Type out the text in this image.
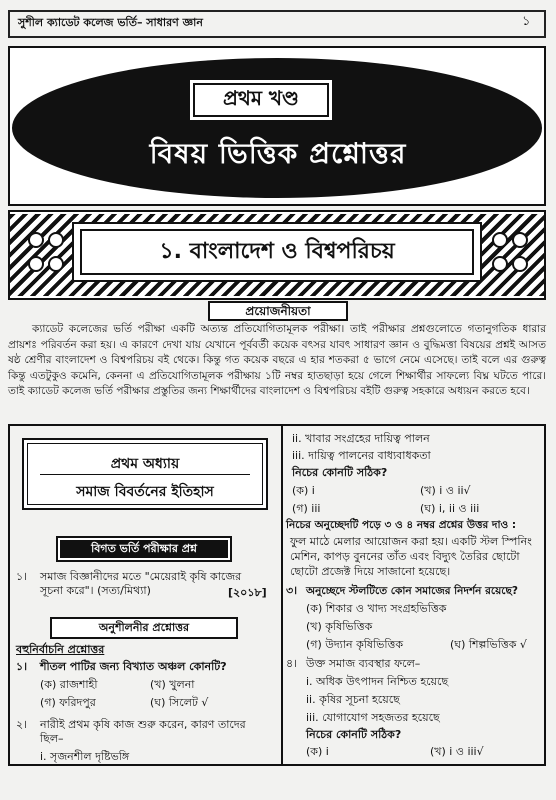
সুশীল ক্যাডেট কলেজ ভর্তি– সাধারণ জ্ঞান	১
প্রথম খণ্ড
বিষয় ভিত্তিক প্রশ্নোত্তর
১. বাংলাদেশ ও বিশ্বপরিচয়
প্রয়োজনীয়তা
ক্যাডেট কলেজের ভর্তি পরীক্ষা একটি অত্যন্ত প্রতিযোগিতামূলক পরীক্ষা। তাই পরীক্ষার প্রশ্নগুলোতে গতানুগতিক ধারার প্রায়শঃ পরিবর্তন করা হয়। এ কারণে দেখা যায় যেখানে পূর্ববর্তী কয়েক বৎসর যাবৎ সাধারণ জ্ঞান ও বুদ্ধিমত্তা বিষয়ের প্রশ্নই আসত ষষ্ঠ শ্রেণীর বাংলাদেশ ও বিশ্বপরিচয় বই থেকে। কিন্তু গত কয়েক বছরে এ হার শতকরা ৫ ভাগে নেমে এসেছে। তাই বলে এর গুরুত্ব কিন্তু এতটুকুও কমেনি, কেননা এ প্রতিযোগিতামূলক পরীক্ষায় ১টি নম্বর হাতছাড়া হয়ে গেলে শিক্ষার্থীর সাফল্যে বিঘ্ন ঘটতে পারে। তাই ক্যাডেট কলেজ ভর্তি পরীক্ষার প্রস্তুতির জন্য শিক্ষার্থীদের বাংলাদেশ ও বিশ্বপরিচয় বইটি গুরুত্ব সহকারে অধ্যয়ন করতে হবে।
প্রথম অধ্যায়
সমাজ বিবর্তনের ইতিহাস
বিগত ভর্তি পরীক্ষার প্রশ্ন
১। সমাজ বিজ্ঞানীদের মতে "মেয়েরাই কৃষি কাজের সূচনা করে"। (সত্য/মিথ্যা)	[২০১৮]
অনুশীলনীর প্রশ্নোত্তর
বহুনির্বাচনি প্রশ্নোত্তর
১। শীতল পাটির জন্য বিখ্যাত অঞ্চল কোনটি?
(ক) রাজশাহী	(খ) খুলনা
(গ) ফরিদপুর	(ঘ) সিলেট √
২। নারীই প্রথম কৃষি কাজ শুরু করেন, কারণ তাদের ছিল–
i. সৃজনশীল দৃষ্টিভঙ্গি
ii. খাবার সংগ্রহের দায়িত্ব পালন
iii. দায়িত্ব পালনের বাধ্যবাধকতা
নিচের কোনটি সঠিক?
(ক) i	(খ) i ও ii√
(গ) iii	(ঘ) i, ii ও iii
নিচের অনুচ্ছেদটি পড়ে ৩ ও ৪ নম্বর প্রশ্নের উত্তর দাও :
ফুল মাঠে মেলার আয়োজন করা হয়। একটি স্টল স্পিনিং মেশিন, কাপড় বুননের তাঁত এবং বিদ্যুৎ তৈরির ছোটো ছোটো প্রজেক্ট দিয়ে সাজানো হয়েছে।
৩। অনুচ্ছেদে স্টলটিতে কোন সমাজের নিদর্শন রয়েছে?
(ক) শিকার ও খাদ্য সংগ্রহভিত্তিক
(খ) কৃষিভিত্তিক
(গ) উদ্যান কৃষিভিত্তিক	(ঘ) শিল্পভিত্তিক √
৪। উক্ত সমাজ ব্যবস্থার ফলে–
i. অধিক উৎপাদন নিশ্চিত হয়েছে
ii. কৃষির সূচনা হয়েছে
iii. যোগাযোগ সহজতর হয়েছে
নিচের কোনটি সঠিক?
(ক) i	(খ) i ও iii√
